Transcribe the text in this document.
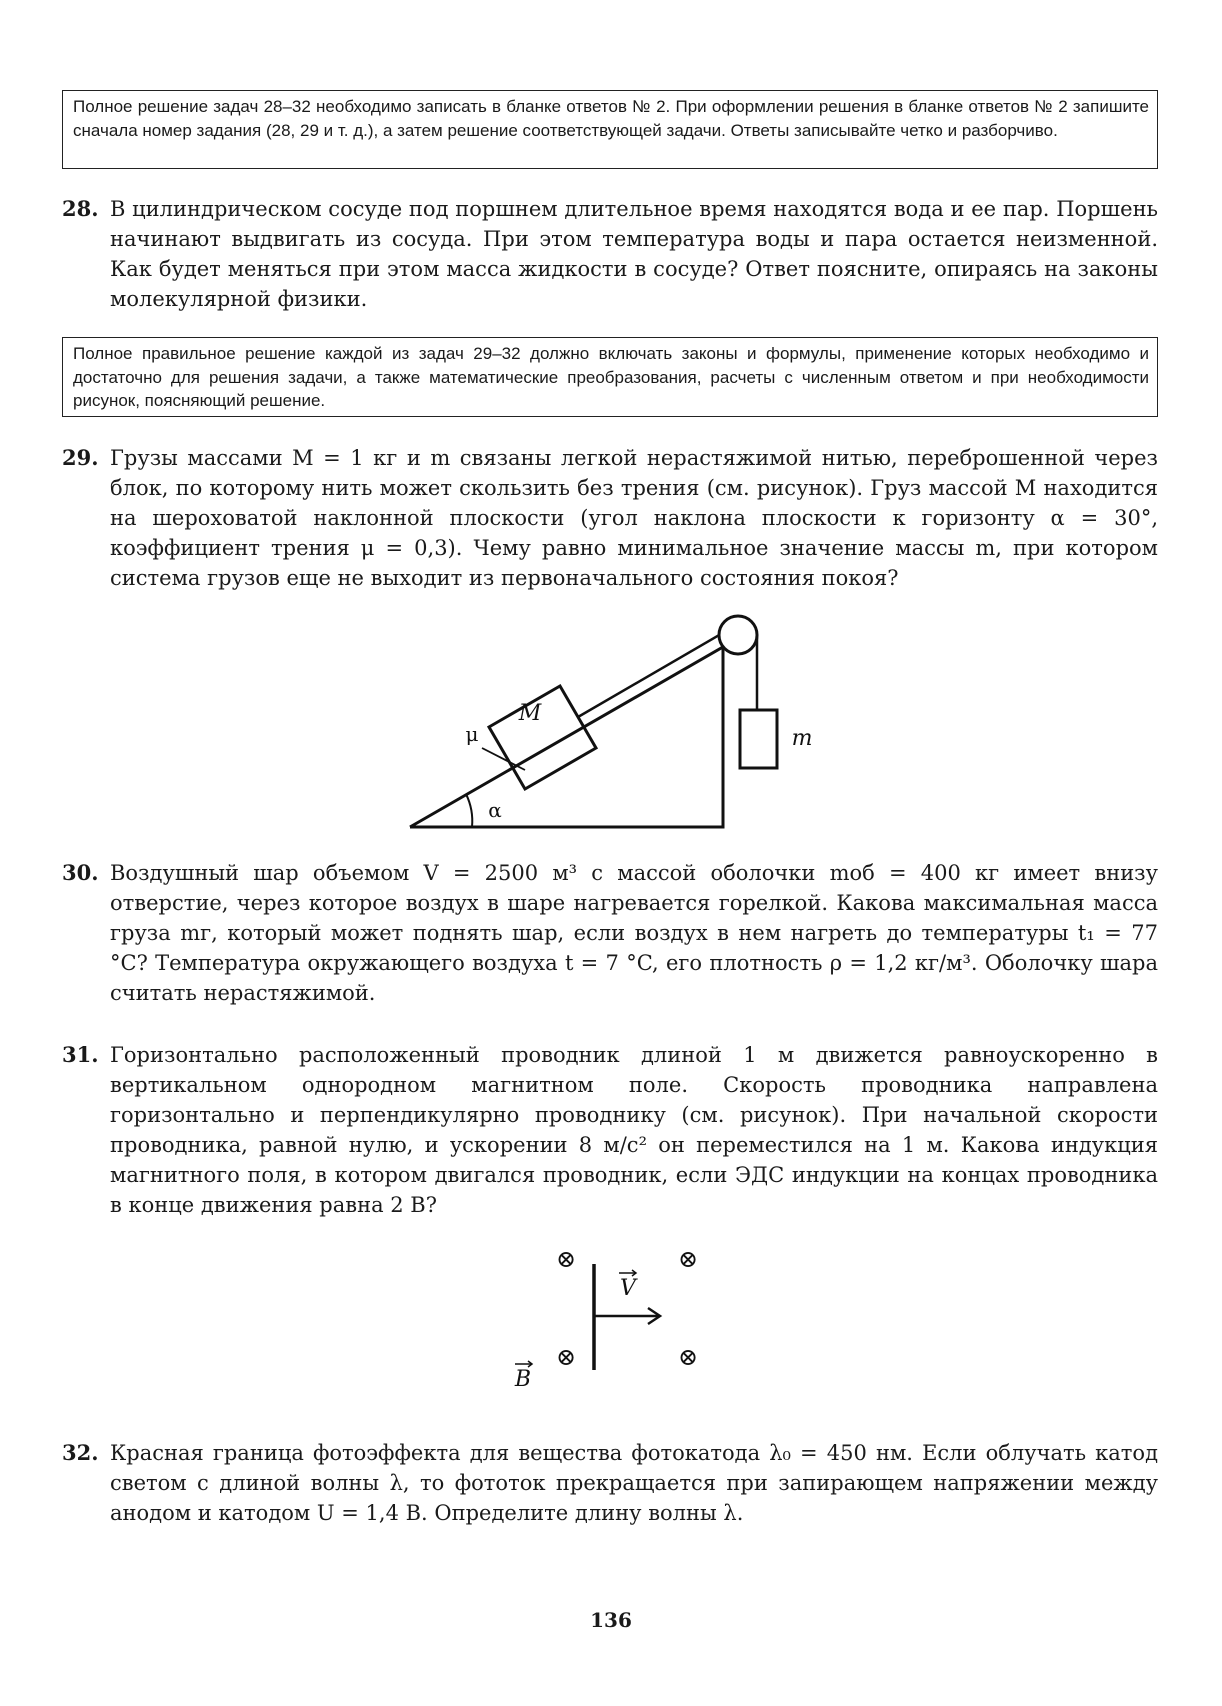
Полное решение задач 28–32 необходимо записать в бланке ответов № 2. При оформлении решения в бланке ответов № 2 запишите сначала номер задания (28, 29 и т. д.), а затем решение соответствующей задачи. Ответы записывайте четко и разборчиво.
28. В цилиндрическом сосуде под поршнем длительное время находятся вода и ее пар. Поршень начинают выдвигать из сосуда. При этом температура воды и пара остается неизменной. Как будет меняться при этом масса жидкости в сосуде? Ответ поясните, опираясь на законы молекулярной физики.
Полное правильное решение каждой из задач 29–32 должно включать законы и формулы, применение которых необходимо и достаточно для решения задачи, а также математические преобразования, расчеты с численным ответом и при необходимости рисунок, поясняющий решение.
29. Грузы массами M = 1 кг и m связаны легкой нерастяжимой нитью, переброшенной через блок, по которому нить может скользить без трения (см. рисунок). Груз массой M находится на шероховатой наклонной плоскости (угол наклона плоскости к горизонту α = 30°, коэффициент трения μ = 0,3). Чему равно минимальное значение массы m, при котором система грузов еще не выходит из первоначального состояния покоя?
M
m
μ
α
30. Воздушный шар объемом V = 2500 м³ с массой оболочки mоб = 400 кг имеет внизу отверстие, через которое воздух в шаре нагревается горелкой. Какова максимальная масса груза mг, который может поднять шар, если воздух в нем нагреть до температуры t₁ = 77 °C? Температура окружающего воздуха t = 7 °C, его плотность ρ = 1,2 кг/м³. Оболочку шара считать нерастяжимой.
31. Горизонтально расположенный проводник длиной 1 м движется равноускоренно в вертикальном однородном магнитном поле. Скорость проводника направлена горизонтально и перпендикулярно проводнику (см. рисунок). При начальной скорости проводника, равной нулю, и ускорении 8 м/с² он переместился на 1 м. Какова индукция магнитного поля, в котором двигался проводник, если ЭДС индукции на концах проводника в конце движения равна 2 В?
⊗	⊗
⊗	⊗
V
B
32. Красная граница фотоэффекта для вещества фотокатода λ₀ = 450 нм. Если облучать катод светом с длиной волны λ, то фототок прекращается при запирающем напряжении между анодом и катодом U = 1,4 В. Определите длину волны λ.
136
